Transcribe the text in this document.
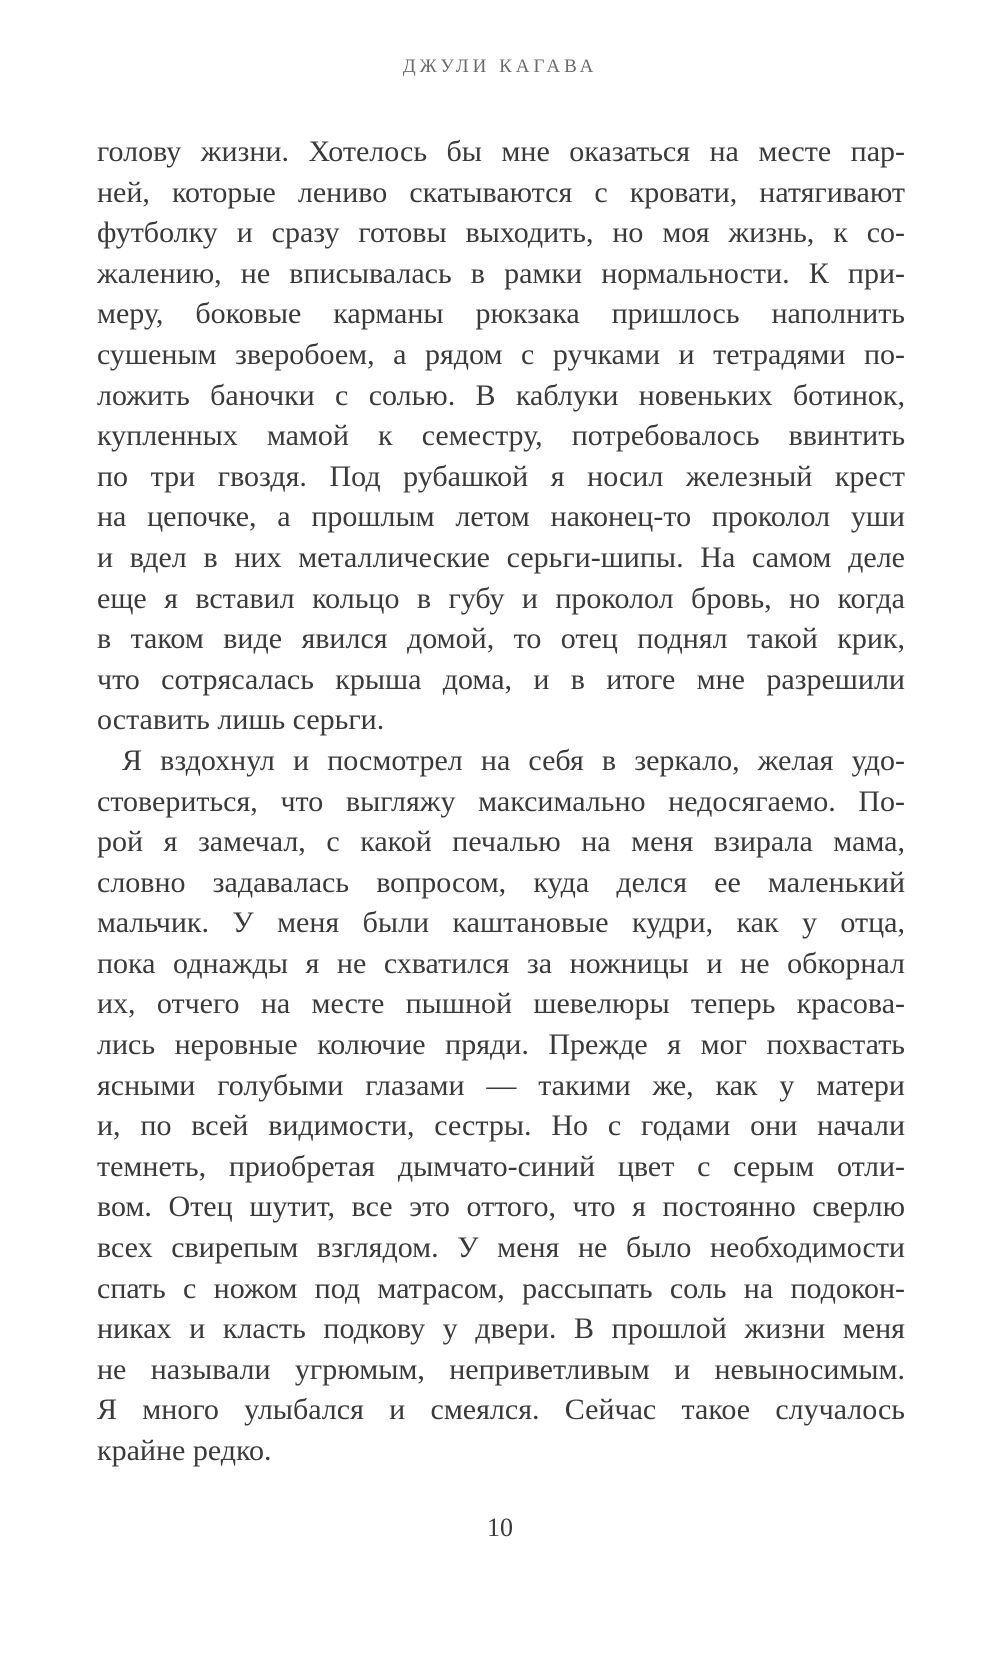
ДЖУЛИ КАГАВА
голову жизни. Хотелось бы мне оказаться на месте пар-
ней, которые лениво скатываются с кровати, натягивают
футболку и сразу готовы выходить, но моя жизнь, к со-
жалению, не вписывалась в рамки нормальности. К при-
меру, боковые карманы рюкзака пришлось наполнить
сушеным зверобоем, а рядом с ручками и тетрадями по-
ложить баночки с солью. В каблуки новеньких ботинок,
купленных мамой к семестру, потребовалось ввинтить
по три гвоздя. Под рубашкой я носил железный крест
на цепочке, а прошлым летом наконец-то проколол уши
и вдел в них металлические серьги-шипы. На самом деле
еще я вставил кольцо в губу и проколол бровь, но когда
в таком виде явился домой, то отец поднял такой крик,
что сотрясалась крыша дома, и в итоге мне разрешили
оставить лишь серьги.
Я вздохнул и посмотрел на себя в зеркало, желая удо-
стовериться, что выгляжу максимально недосягаемо. По-
рой я замечал, с какой печалью на меня взирала мама,
словно задавалась вопросом, куда делся ее маленький
мальчик. У меня были каштановые кудри, как у отца,
пока однажды я не схватился за ножницы и не обкорнал
их, отчего на месте пышной шевелюры теперь красова-
лись неровные колючие пряди. Прежде я мог похвастать
ясными голубыми глазами — такими же, как у матери
и, по всей видимости, сестры. Но с годами они начали
темнеть, приобретая дымчато-синий цвет с серым отли-
вом. Отец шутит, все это оттого, что я постоянно сверлю
всех свирепым взглядом. У меня не было необходимости
спать с ножом под матрасом, рассыпать соль на подокон-
никах и класть подкову у двери. В прошлой жизни меня
не называли угрюмым, неприветливым и невыносимым.
Я много улыбался и смеялся. Сейчас такое случалось
крайне редко.
10
